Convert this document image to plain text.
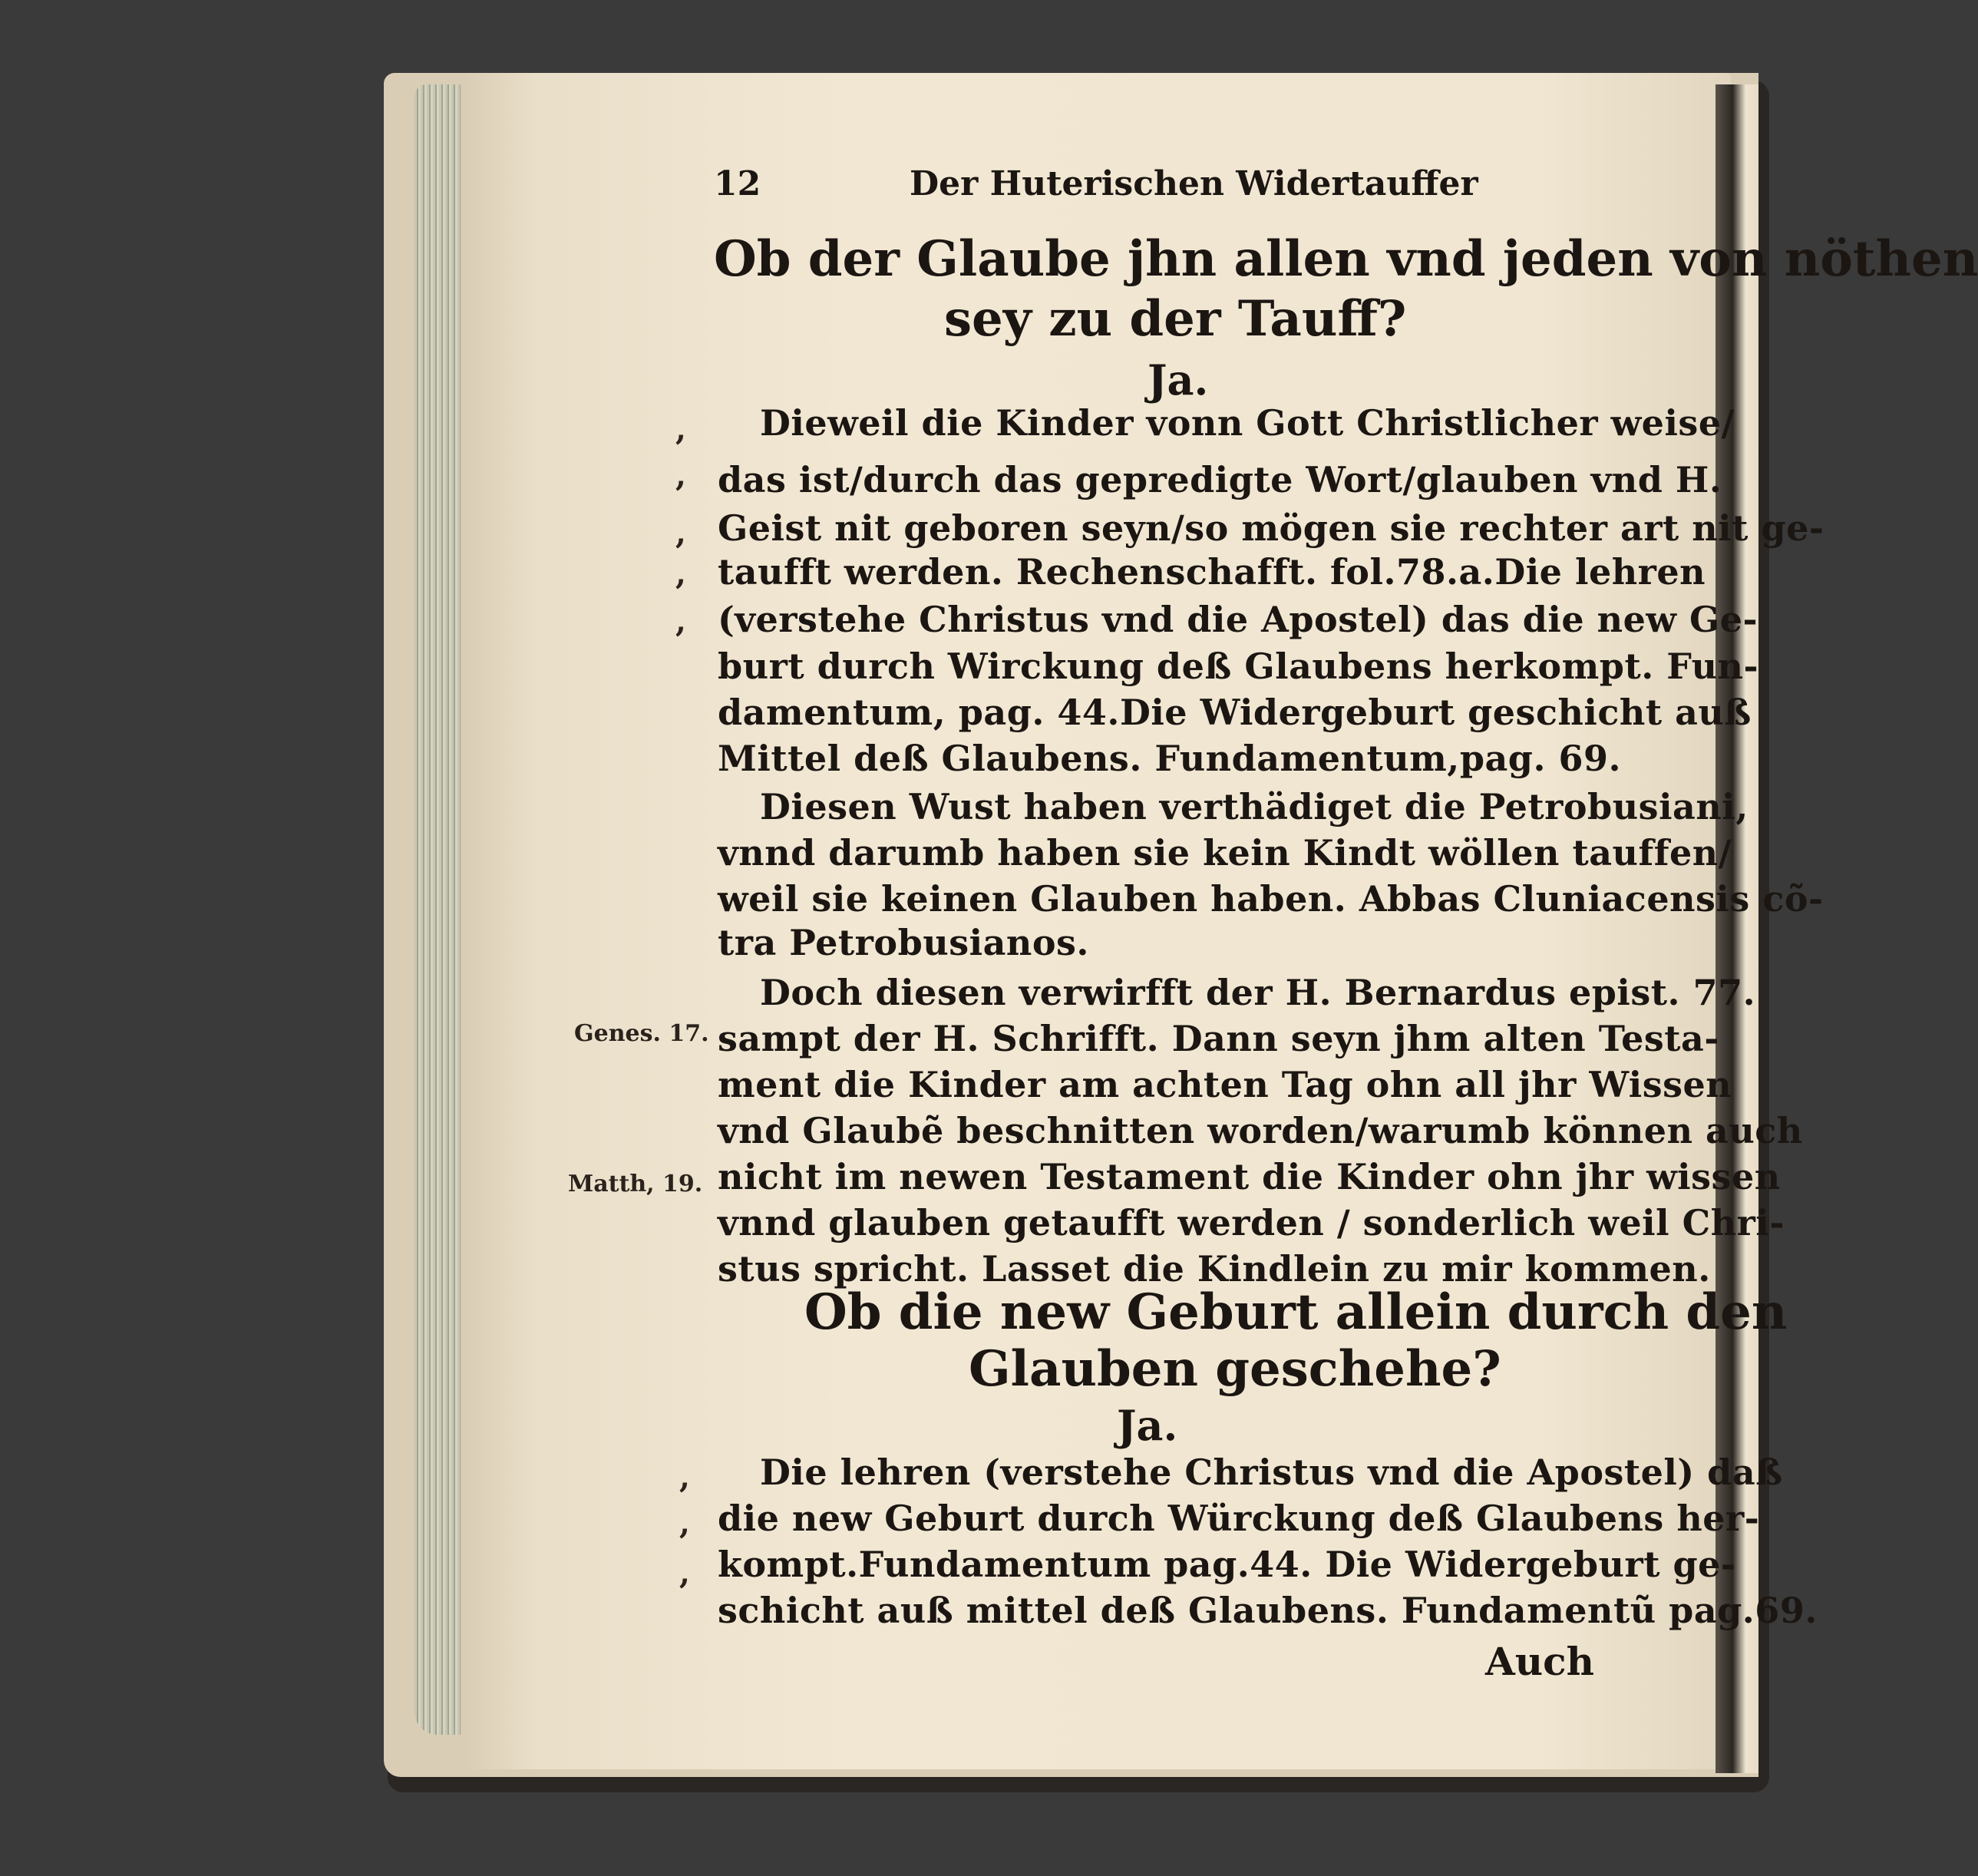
12	Der Huterischen Widertauffer
Ob der Glaube jhn allen vnd jeden von nöthen
sey zu der Tauff?
Ja.
Dieweil die Kinder vonn Gott Christlicher weise/
das ist/durch das gepredigte Wort/glauben vnd H.
Geist nit geboren seyn/so mögen sie rechter art nit ge-
taufft werden. Rechenschafft. fol.78.a.Die lehren
(verstehe Christus vnd die Apostel) das die new Ge-
burt durch Wirckung deß Glaubens herkompt. Fun-
damentum, pag. 44.Die Widergeburt geschicht auß
Mittel deß Glaubens. Fundamentum,pag. 69.
Diesen Wust haben verthädiget die Petrobusiani,
vnnd darumb haben sie kein Kindt wöllen tauffen/
weil sie keinen Glauben haben. Abbas Cluniacensis cõ-
tra Petrobusianos.
Doch diesen verwirfft der H. Bernardus epist. 77.
sampt der H. Schrifft. Dann seyn jhm alten Testa-
ment die Kinder am achten Tag ohn all jhr Wissen
vnd Glaubẽ beschnitten worden/warumb können auch
nicht im newen Testament die Kinder ohn jhr wissen
vnnd glauben getaufft werden / sonderlich weil Chri-
stus spricht. Lasset die Kindlein zu mir kommen.
Genes. 17.
Matth, 19.
,
,
,
,
,
,
,
,
Ob die new Geburt allein durch den
Glauben geschehe?
Ja.
Die lehren (verstehe Christus vnd die Apostel) daß
die new Geburt durch Würckung deß Glaubens her-
kompt.Fundamentum pag.44. Die Widergeburt ge-
schicht auß mittel deß Glaubens. Fundamentũ pag.69.
Auch
